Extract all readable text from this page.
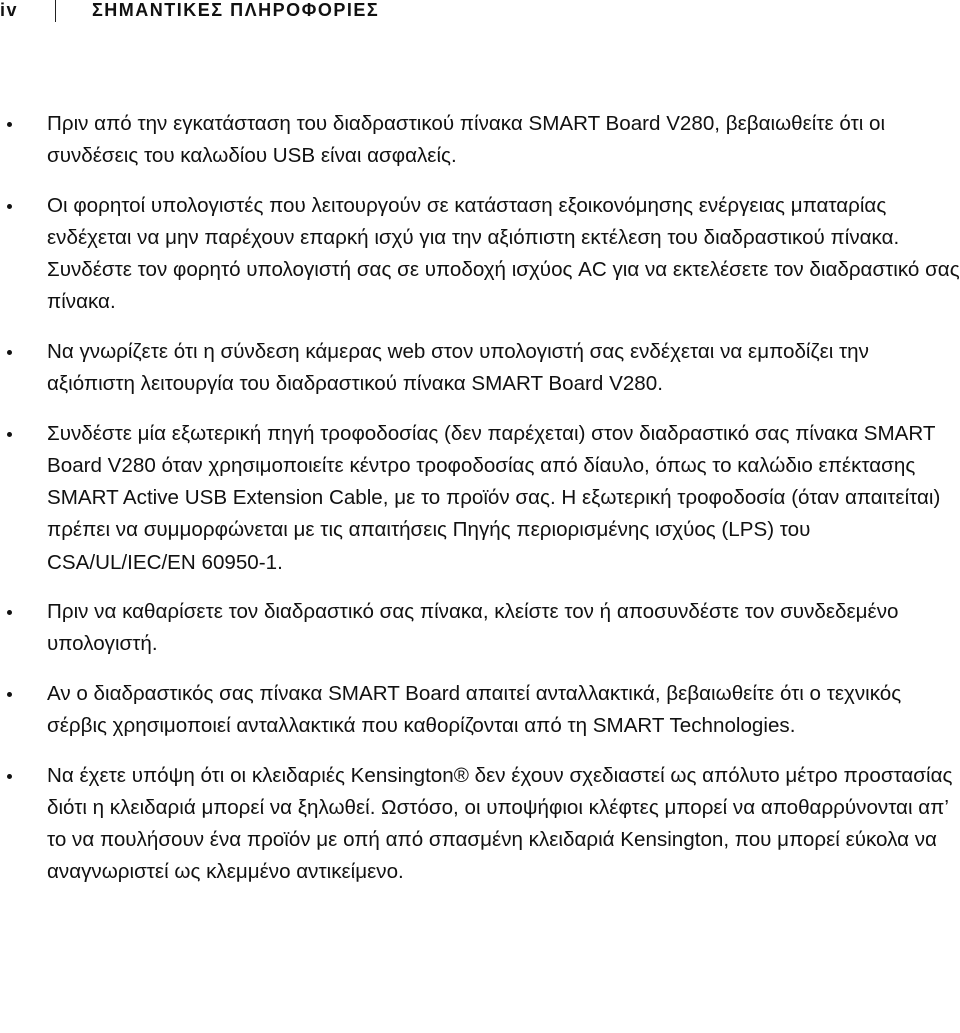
iv	ΣΗΜΑΝΤΙΚΕΣ ΠΛΗΡΟΦΟΡΙΕΣ
Πριν από την εγκατάσταση του διαδραστικού πίνακα SMART Board V280, βεβαιωθείτε ότι οι συνδέσεις του καλωδίου USB είναι ασφαλείς.
Οι φορητοί υπολογιστές που λειτουργούν σε κατάσταση εξοικονόμησης ενέργειας μπαταρίας ενδέχεται να μην παρέχουν επαρκή ισχύ για την αξιόπιστη εκτέλεση του διαδραστικού πίνακα. Συνδέστε τον φορητό υπολογιστή σας σε υποδοχή ισχύος AC για να εκτελέσετε τον διαδραστικό σας πίνακα.
Να γνωρίζετε ότι η σύνδεση κάμερας web στον υπολογιστή σας ενδέχεται να εμποδίζει την αξιόπιστη λειτουργία του διαδραστικού πίνακα SMART Board V280.
Συνδέστε μία εξωτερική πηγή τροφοδοσίας (δεν παρέχεται) στον διαδραστικό σας πίνακα SMART Board V280 όταν χρησιμοποιείτε κέντρο τροφοδοσίας από δίαυλο, όπως το καλώδιο επέκτασης SMART Active USB Extension Cable, με το προϊόν σας. Η εξωτερική τροφοδοσία (όταν απαιτείται) πρέπει να συμμορφώνεται με τις απαιτήσεις Πηγής περιορισμένης ισχύος (LPS) του CSA/UL/IEC/EN 60950-1.
Πριν να καθαρίσετε τον διαδραστικό σας πίνακα, κλείστε τον ή αποσυνδέστε τον συνδεδεμένο υπολογιστή.
Αν ο διαδραστικός σας πίνακα SMART Board απαιτεί ανταλλακτικά, βεβαιωθείτε ότι ο τεχνικός σέρβις χρησιμοποιεί ανταλλακτικά που καθορίζονται από τη SMART Technologies.
Να έχετε υπόψη ότι οι κλειδαριές Kensington® δεν έχουν σχεδιαστεί ως απόλυτο μέτρο προστασίας διότι η κλειδαριά μπορεί να ξηλωθεί. Ωστόσο, οι υποψήφιοι κλέφτες μπορεί να αποθαρρύνονται απ’ το να πουλήσουν ένα προϊόν με οπή από σπασμένη κλειδαριά Kensington, που μπορεί εύκολα να αναγνωριστεί ως κλεμμένο αντικείμενο.
